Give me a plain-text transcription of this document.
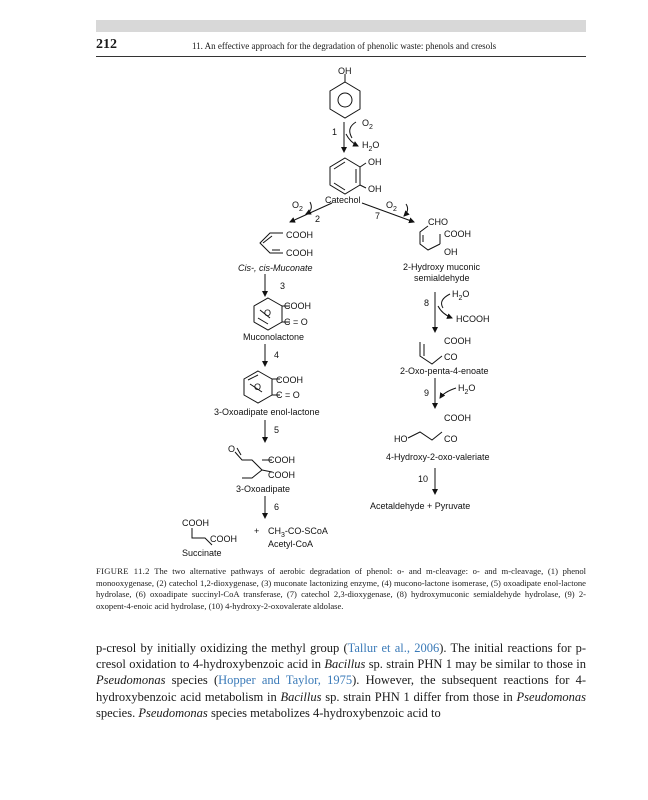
212	11. An effective approach for the degradation of phenolic waste: phenols and cresols
OH
$O_2$
$H_2O$
1
OH
OH
Catechol
$O_2$
2
$O_2$
7
COOH
COOH
Cis-, cis-Muconate
3
COOH
C = O
O
Muconolactone
4
COOH
C = O
O
3-Oxoadipate enol-lactone
5
O
COOH
COOH
3-Oxoadipate
6
COOH
COOH
Succinate
+ $CH_3-CO$-SCoA
Acetyl-CoA
CHO
COOH
OH
2-Hydroxy muconic
semialdehyde
$H_2O$
8
HCOOH
COOH
CO
2-Oxo-penta-4-enoate
$H_2O$
9
COOH
HO	CO
4-Hydroxy-2-oxo-valeriate
10
Acetaldehyde + Pyruvate
FIGURE 11.2 The two alternative pathways of aerobic degradation of phenol: o- and m-cleavage: o- and m-cleavage, (1) phenol monooxygenase, (2) catechol 1,2-dioxygenase, (3) muconate lactonizing enzyme, (4) mucono-lactone isomerase, (5) oxoadipate enol-lactone hydrolase, (6) oxoadipate succinyl-CoA transferase, (7) catechol 2,3-dioxygenase, (8) hydroxymuconic semialdehyde hydrolase, (9) 2-oxopent-4-enoic acid hydrolase, (10) 4-hydroxy-2-oxovalerate aldolase.
p-cresol by initially oxidizing the methyl group (Tallur et al., 2006). The initial reactions for p-cresol oxidation to 4-hydroxybenzoic acid in Bacillus sp. strain PHN 1 may be similar to those in Pseudomonas species (Hopper and Taylor, 1975). However, the subsequent reactions for 4-hydroxybenzoic acid metabolism in Bacillus sp. strain PHN 1 differ from those in Pseudomonas species. Pseudomonas species metabolizes 4-hydroxybenzoic acid to
